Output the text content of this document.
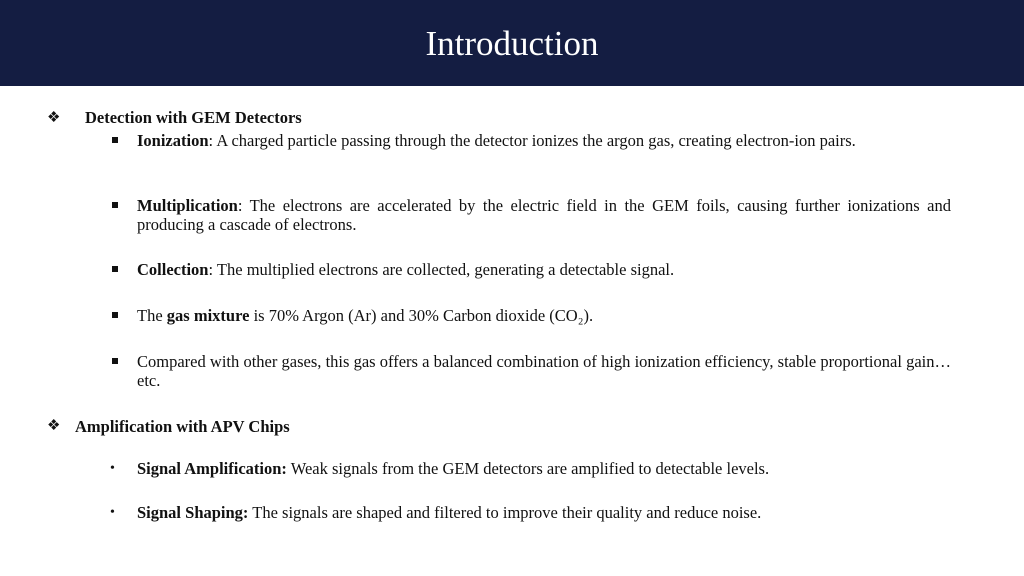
Introduction
❖ Detection with GEM Detectors
Ionization: A charged particle passing through the detector ionizes the argon gas, creating electron-ion pairs.
Multiplication: The electrons are accelerated by the electric field in the GEM foils, causing further ionizations and producing a cascade of electrons.
Collection: The multiplied electrons are collected, generating a detectable signal.
The gas mixture is 70% Argon (Ar) and 30% Carbon dioxide (CO₂).
Compared with other gases, this gas offers a balanced combination of high ionization efficiency, stable proportional gain… etc.
❖ Amplification with APV Chips
• Signal Amplification: Weak signals from the GEM detectors are amplified to detectable levels.
• Signal Shaping: The signals are shaped and filtered to improve their quality and reduce noise.
